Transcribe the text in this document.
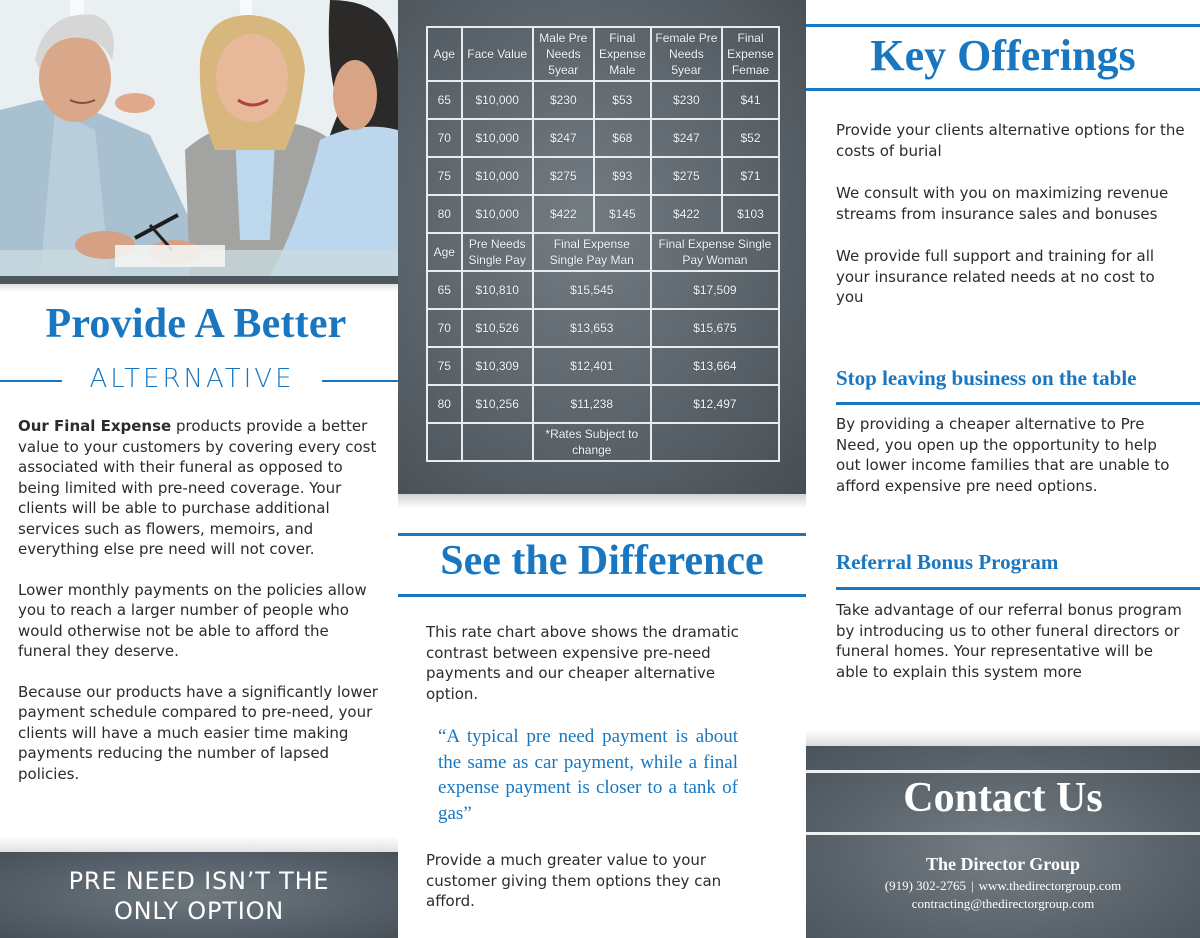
Provide A Better
ALTERNATIVE

Our Final Expense products provide a better value to your customers by covering every cost associated with their funeral as opposed to being limited with pre-need coverage. Your clients will be able to purchase additional services such as flowers, memoirs, and everything else pre need will not cover.

Lower monthly payments on the policies allow you to reach a larger number of people who would otherwise not be able to afford the funeral they deserve.

Because our products have a significantly lower payment schedule compared to pre-need, your clients will have a much easier time making payments reducing the number of lapsed policies.

PRE NEED ISN’T THE
ONLY OPTION
Age	Face Value	Male Pre Needs 5year	Final Expense Male	Female Pre Needs 5year	Final Expense Femae
65	$10,000	$230	$53	$230	$41
70	$10,000	$247	$68	$247	$52
75	$10,000	$275	$93	$275	$71
80	$10,000	$422	$145	$422	$103
Age	Pre Needs Single Pay	Final Expense Single Pay Man		Final Expense Single Pay Woman	
65	$10,810	$15,545		$17,509	
70	$10,526	$13,653		$15,675	
75	$10,309	$12,401		$13,664	
80	$10,256	$11,238		$12,497	
		*Rates Subject to change			
See the Difference

This rate chart above shows the dramatic contrast between expensive pre-need payments and our cheaper alternative option.

“A typical pre need payment is about the same as car payment, while a final expense payment is closer to a tank of gas”

Provide a much greater value to your customer giving them options they can afford.

Key Offerings

Provide your clients alternative options for the costs of burial

We consult with you on maximizing revenue streams from insurance sales and bonuses

We provide full support and training for all your insurance related needs at no cost to you

Stop leaving business on the table

By providing a cheaper alternative to Pre Need, you open up the opportunity to help out lower income families that are unable to afford expensive pre need options.

Referral Bonus Program

Take advantage of our referral bonus program by introducing us to other funeral directors or funeral homes. Your representative will be able to explain this system more

Contact Us
The Director Group
(919) 302-2765 | www.thedirectorgroup.com
contracting@thedirectorgroup.com
